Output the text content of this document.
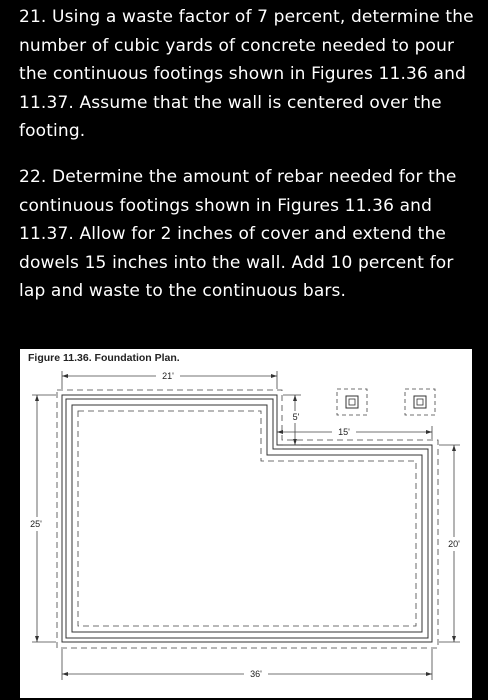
21. Using a waste factor of 7 percent, determine the number of cubic yards of concrete needed to pour the continuous footings shown in Figures 11.36 and 11.37. Assume that the wall is centered over the footing.

22. Determine the amount of rebar needed for the continuous footings shown in Figures 11.36 and 11.37. Allow for 2 inches of cover and extend the dowels 15 inches into the wall. Add 10 percent for lap and waste to the continuous bars.

Figure 11.36. Foundation Plan.

21'
5'
15'
25'
20'
36'
